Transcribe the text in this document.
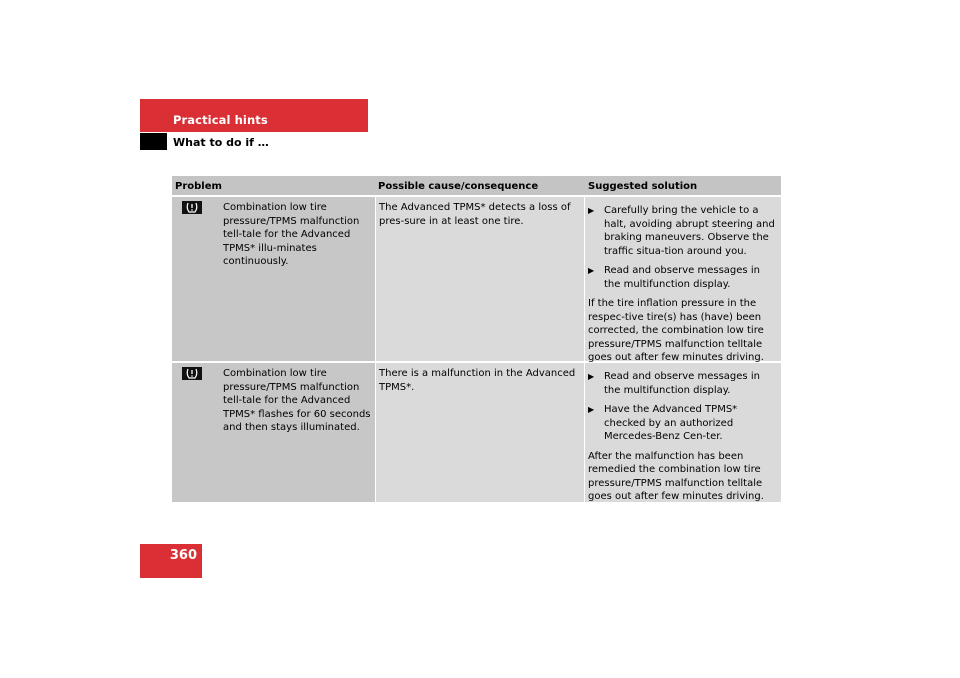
Practical hints
What to do if …
Problem	Possible cause/consequence	Suggested solution
Combination low tire pressure/TPMS malfunction tell-tale for the Advanced TPMS* illu-minates continuously.
The Advanced TPMS* detects a loss of pres-sure in at least one tire.
▶ Carefully bring the vehicle to a halt, avoiding abrupt steering and braking maneuvers. Observe the traffic situa-tion around you.
▶ Read and observe messages in the multifunction display.
If the tire inflation pressure in the respec-tive tire(s) has (have) been corrected, the combination low tire pressure/TPMS malfunction telltale goes out after few minutes driving.
Combination low tire pressure/TPMS malfunction tell-tale for the Advanced TPMS* flashes for 60 seconds and then stays illuminated.
There is a malfunction in the Advanced TPMS*.
▶ Read and observe messages in the multifunction display.
▶ Have the Advanced TPMS* checked by an authorized Mercedes-Benz Cen-ter.
After the malfunction has been remedied the combination low tire pressure/TPMS malfunction telltale goes out after few minutes driving.
360
